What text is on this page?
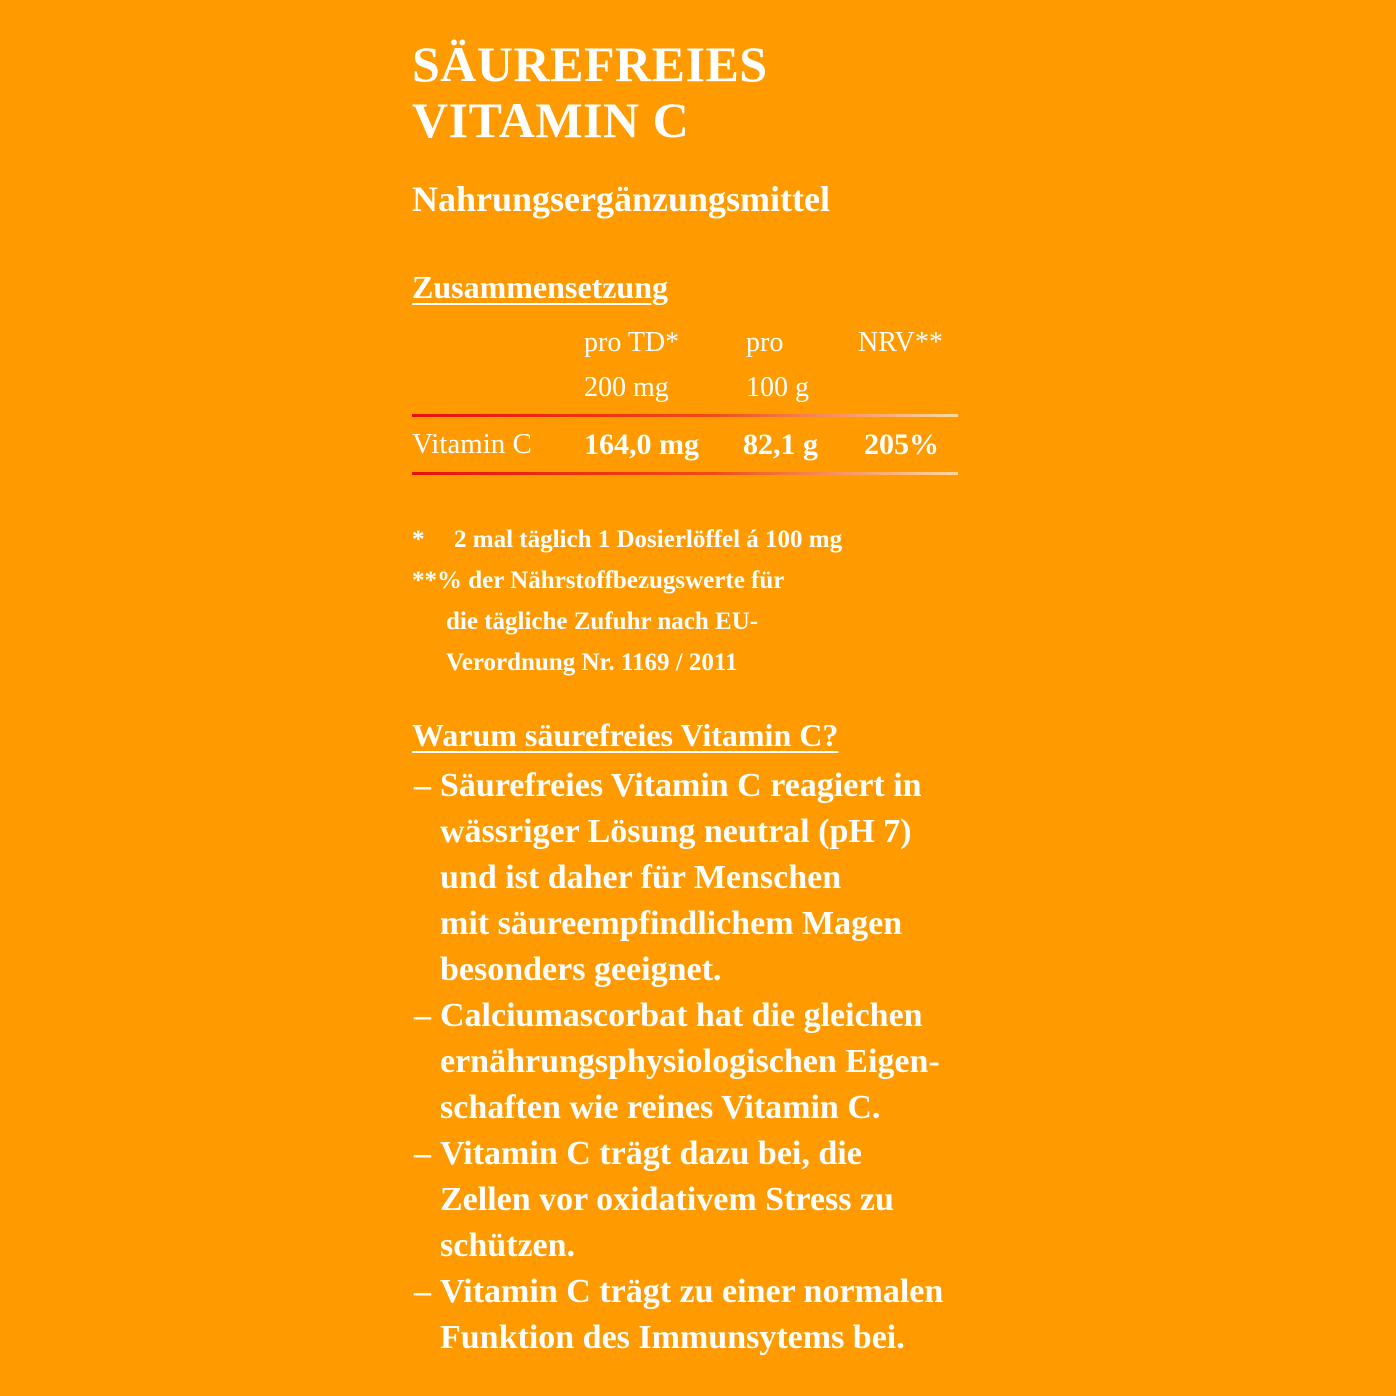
SÄUREFREIES
VITAMIN C
Nahrungsergänzungsmittel
Zusammensetzung
pro TD*
200 mg
pro
100 g
NRV**
Vitamin C 164,0 mg 82,1 g 205%
* 2 mal täglich 1 Dosierlöffel á 100 mg
**% der Nährstoffbezugswerte für
die tägliche Zufuhr nach EU-
Verordnung Nr. 1169 / 2011
Warum säurefreies Vitamin C?
– Säurefreies Vitamin C reagiert in
wässriger Lösung neutral (pH 7)
und ist daher für Menschen
mit säureempfindlichem Magen
besonders geeignet.
– Calciumascorbat hat die gleichen
ernährungsphysiologischen Eigen-
schaften wie reines Vitamin C.
– Vitamin C trägt dazu bei, die
Zellen vor oxidativem Stress zu
schützen.
– Vitamin C trägt zu einer normalen
Funktion des Immunsytems bei.
